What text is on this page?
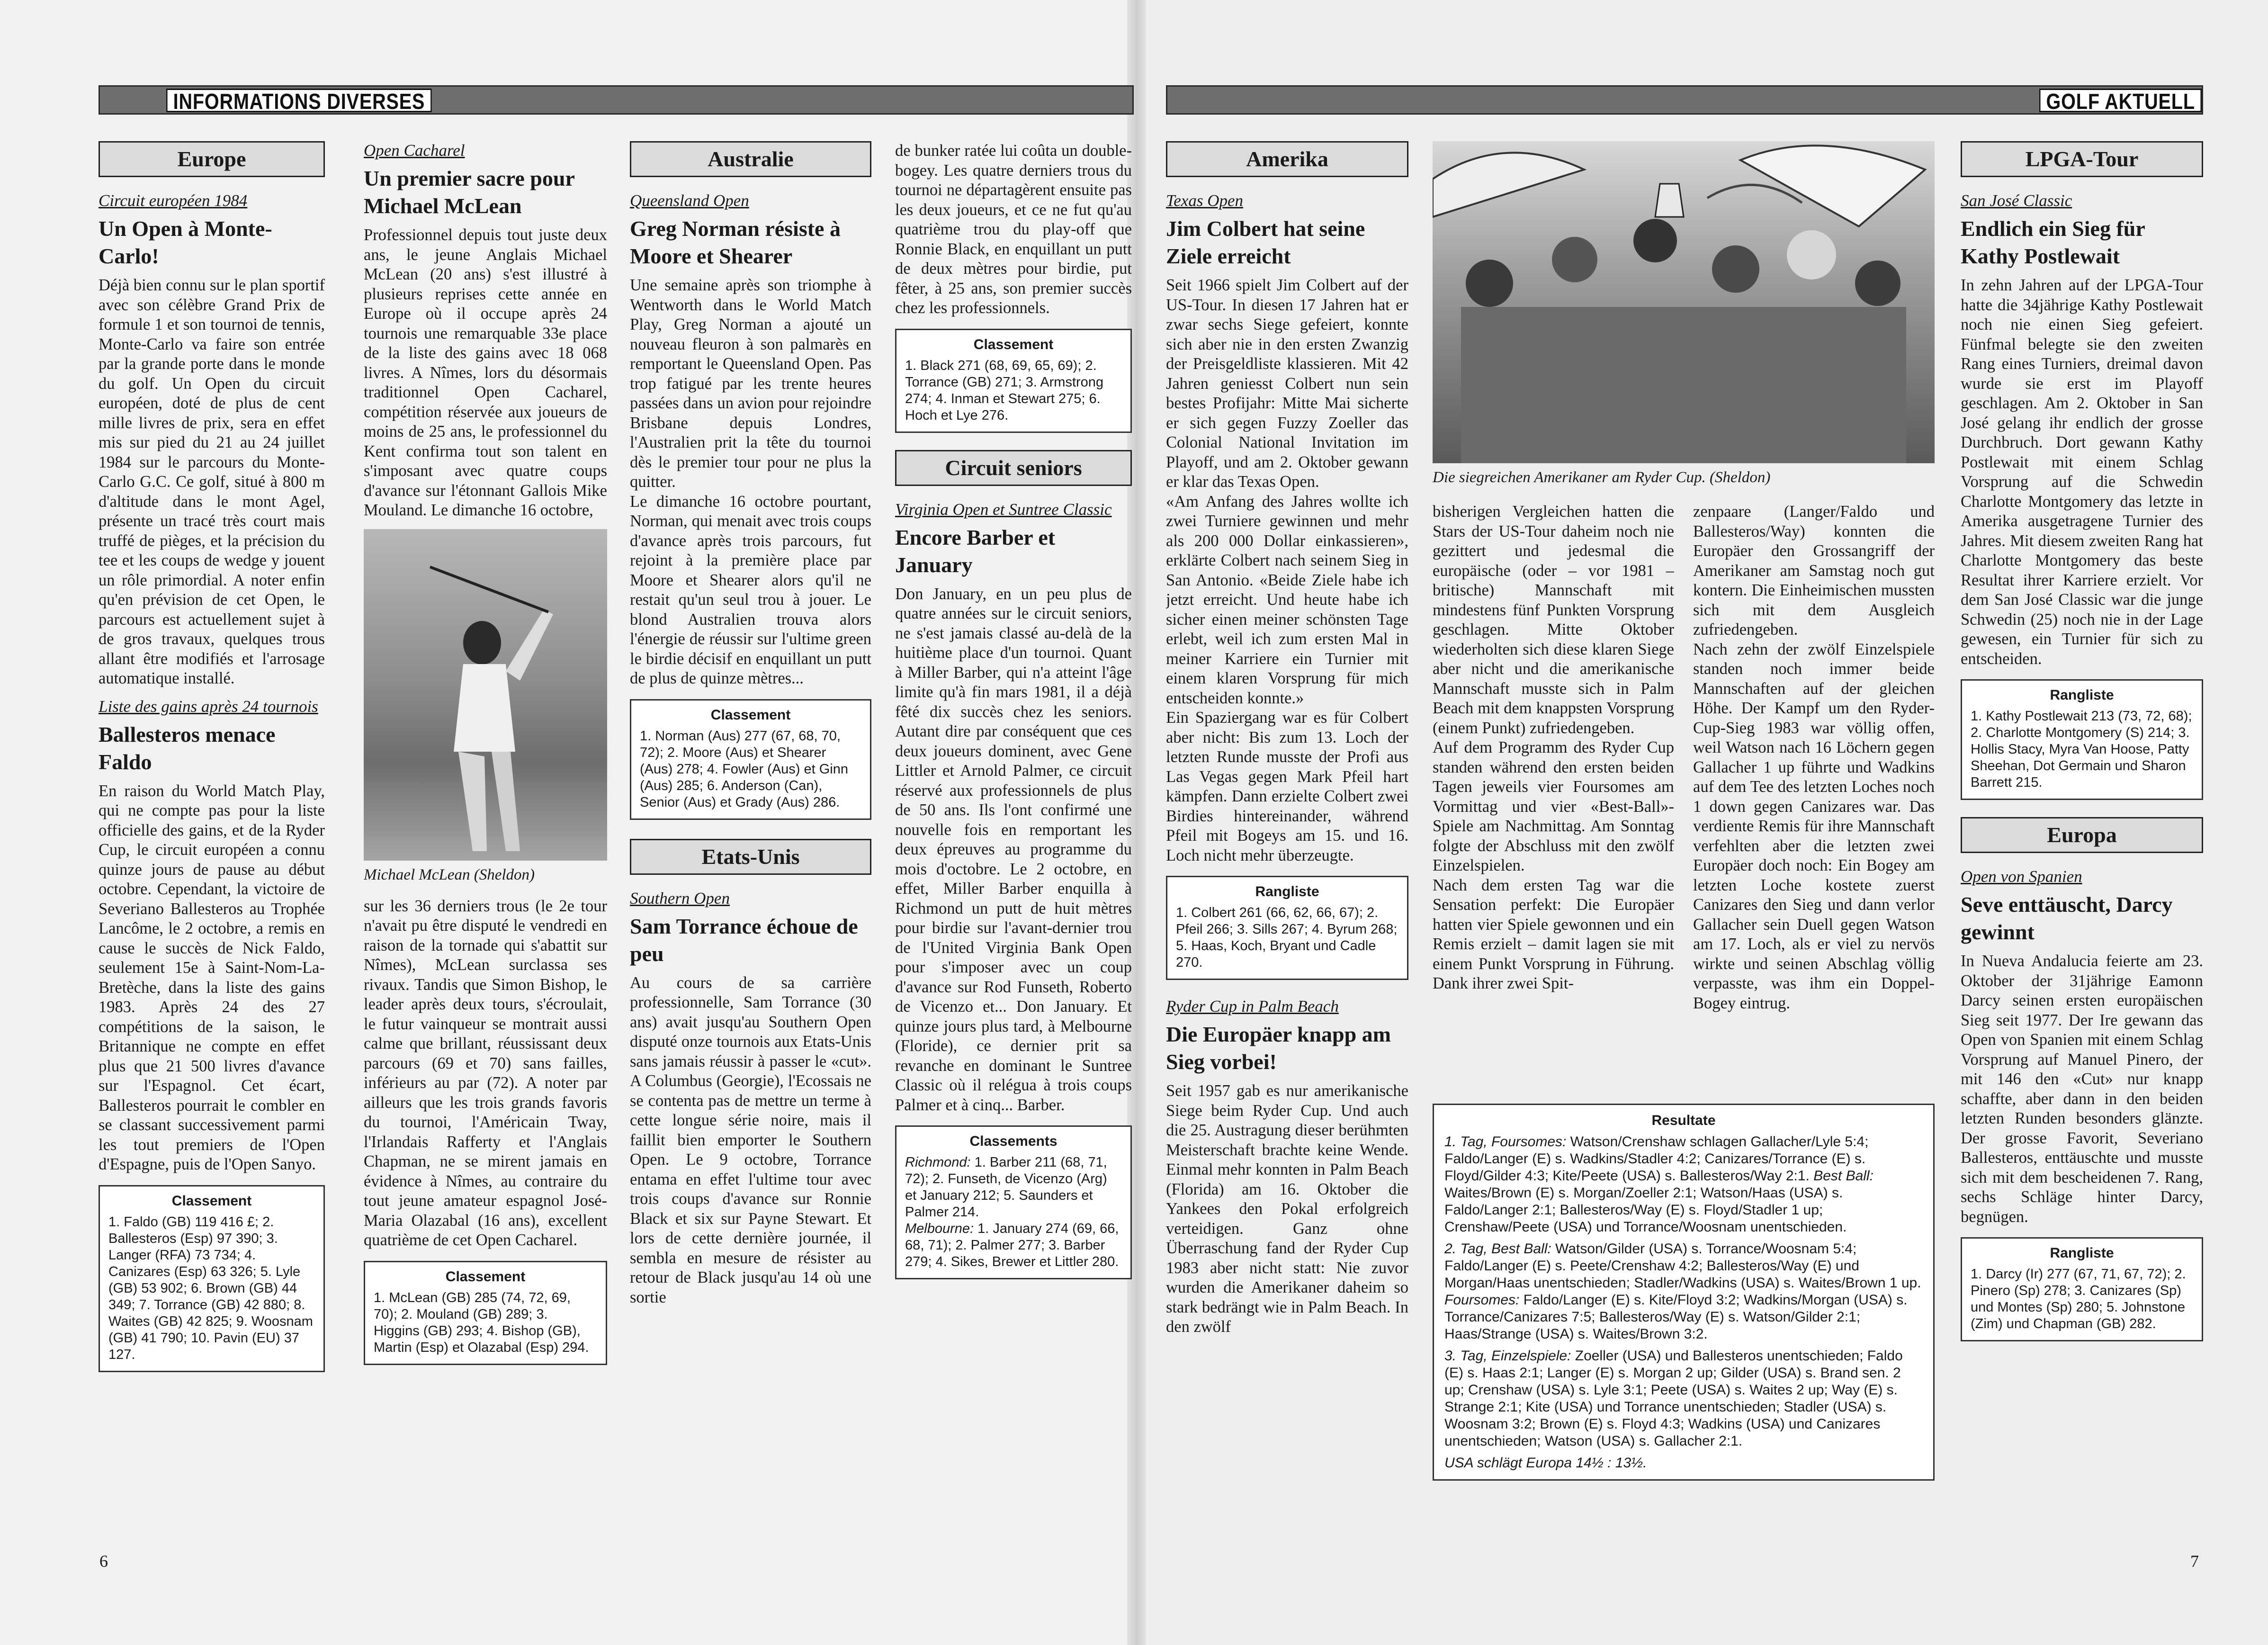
INFORMATIONS DIVERSES	GOLF AKTUELL
Europe
Circuit européen 1984
Un Open à Monte-Carlo!
Déjà bien connu sur le plan sportif avec son célèbre Grand Prix de formule 1 et son tournoi de tennis, Monte-Carlo va faire son entrée par la grande porte dans le monde du golf. Un Open du circuit européen, doté de plus de cent mille livres de prix, sera en effet mis sur pied du 21 au 24 juillet 1984 sur le parcours du Monte-Carlo G.C. Ce golf, situé à 800 m d'altitude dans le mont Agel, présente un tracé très court mais truffé de pièges, et la précision du tee et les coups de wedge y jouent un rôle primordial. A noter enfin qu'en prévision de cet Open, le parcours est actuellement sujet à de gros travaux, quelques trous allant être modifiés et l'arrosage automatique installé.
Liste des gains après 24 tournois
Ballesteros menace Faldo
En raison du World Match Play, qui ne compte pas pour la liste officielle des gains, et de la Ryder Cup, le circuit européen a connu quinze jours de pause au début octobre. Cependant, la victoire de Severiano Ballesteros au Trophée Lancôme, le 2 octobre, a remis en cause le succès de Nick Faldo, seulement 15e à Saint-Nom-La-Bretèche, dans la liste des gains 1983. Après 24 des 27 compétitions de la saison, le Britannique ne compte en effet plus que 21 500 livres d'avance sur l'Espagnol. Cet écart, Ballesteros pourrait le combler en se classant successivement parmi les tout premiers de l'Open d'Espagne, puis de l'Open Sanyo.
Classement
1. Faldo (GB) 119 416 £; 2. Ballesteros (Esp) 97 390; 3. Langer (RFA) 73 734; 4. Canizares (Esp) 63 326; 5. Lyle (GB) 53 902; 6. Brown (GB) 44 349; 7. Torrance (GB) 42 880; 8. Waites (GB) 42 825; 9. Woosnam (GB) 41 790; 10. Pavin (EU) 37 127.
Open Cacharel
Un premier sacre pour Michael McLean
Professionnel depuis tout juste deux ans, le jeune Anglais Michael McLean (20 ans) s'est illustré à plusieurs reprises cette année en Europe où il occupe après 24 tournois une remarquable 33e place de la liste des gains avec 18 068 livres. A Nîmes, lors du désormais traditionnel Open Cacharel, compétition réservée aux joueurs de moins de 25 ans, le professionnel du Kent confirma tout son talent en s'imposant avec quatre coups d'avance sur l'étonnant Gallois Mike Mouland. Le dimanche 16 octobre,
Michael McLean (Sheldon)
sur les 36 derniers trous (le 2e tour n'avait pu être disputé le vendredi en raison de la tornade qui s'abattit sur Nîmes), McLean surclassa ses rivaux. Tandis que Simon Bishop, le leader après deux tours, s'écroulait, le futur vainqueur se montrait aussi calme que brillant, réussissant deux parcours (69 et 70) sans failles, inférieurs au par (72). A noter par ailleurs que les trois grands favoris du tournoi, l'Américain Tway, l'Irlandais Rafferty et l'Anglais Chapman, ne se mirent jamais en évidence à Nîmes, au contraire du tout jeune amateur espagnol José-Maria Olazabal (16 ans), excellent quatrième de cet Open Cacharel.
Classement
1. McLean (GB) 285 (74, 72, 69, 70); 2. Mouland (GB) 289; 3. Higgins (GB) 293; 4. Bishop (GB), Martin (Esp) et Olazabal (Esp) 294.
Australie
Queensland Open
Greg Norman résiste à Moore et Shearer
Une semaine après son triomphe à Wentworth dans le World Match Play, Greg Norman a ajouté un nouveau fleuron à son palmarès en remportant le Queensland Open. Pas trop fatigué par les trente heures passées dans un avion pour rejoindre Brisbane depuis Londres, l'Australien prit la tête du tournoi dès le premier tour pour ne plus la quitter.
Le dimanche 16 octobre pourtant, Norman, qui menait avec trois coups d'avance après trois parcours, fut rejoint à la première place par Moore et Shearer alors qu'il ne restait qu'un seul trou à jouer. Le blond Australien trouva alors l'énergie de réussir sur l'ultime green le birdie décisif en enquillant un putt de plus de quinze mètres...
Classement
1. Norman (Aus) 277 (67, 68, 70, 72); 2. Moore (Aus) et Shearer (Aus) 278; 4. Fowler (Aus) et Ginn (Aus) 285; 6. Anderson (Can), Senior (Aus) et Grady (Aus) 286.
Etats-Unis
Southern Open
Sam Torrance échoue de peu
Au cours de sa carrière professionnelle, Sam Torrance (30 ans) avait jusqu'au Southern Open disputé onze tournois aux Etats-Unis sans jamais réussir à passer le «cut». A Columbus (Georgie), l'Ecossais ne se contenta pas de mettre un terme à cette longue série noire, mais il faillit bien emporter le Southern Open. Le 9 octobre, Torrance entama en effet l'ultime tour avec trois coups d'avance sur Ronnie Black et six sur Payne Stewart. Et lors de cette dernière journée, il sembla en mesure de résister au retour de Black jusqu'au 14 où une sortie
de bunker ratée lui coûta un double-bogey. Les quatre derniers trous du tournoi ne départagèrent ensuite pas les deux joueurs, et ce ne fut qu'au quatrième trou du play-off que Ronnie Black, en enquillant un putt de deux mètres pour birdie, put fêter, à 25 ans, son premier succès chez les professionnels.
Classement
1. Black 271 (68, 69, 65, 69); 2. Torrance (GB) 271; 3. Armstrong 274; 4. Inman et Stewart 275; 6. Hoch et Lye 276.
Circuit seniors
Virginia Open et Suntree Classic
Encore Barber et January
Don January, en un peu plus de quatre années sur le circuit seniors, ne s'est jamais classé au-delà de la huitième place d'un tournoi. Quant à Miller Barber, qui n'a atteint l'âge limite qu'à fin mars 1981, il a déjà fêté dix succès chez les seniors. Autant dire par conséquent que ces deux joueurs dominent, avec Gene Littler et Arnold Palmer, ce circuit réservé aux professionnels de plus de 50 ans. Ils l'ont confirmé une nouvelle fois en remportant les deux épreuves au programme du mois d'octobre. Le 2 octobre, en effet, Miller Barber enquilla à Richmond un putt de huit mètres pour birdie sur l'avant-dernier trou de l'United Virginia Bank Open pour s'imposer avec un coup d'avance sur Rod Funseth, Roberto de Vicenzo et... Don January. Et quinze jours plus tard, à Melbourne (Floride), ce dernier prit sa revanche en dominant le Suntree Classic où il relégua à trois coups Palmer et à cinq... Barber.
Classements
Richmond: 1. Barber 211 (68, 71, 72); 2. Funseth, de Vicenzo (Arg) et January 212; 5. Saunders et Palmer 214.
Melbourne: 1. January 274 (69, 66, 68, 71); 2. Palmer 277; 3. Barber 279; 4. Sikes, Brewer et Littler 280.
6
Amerika
Texas Open
Jim Colbert hat seine Ziele erreicht
Seit 1966 spielt Jim Colbert auf der US-Tour. In diesen 17 Jahren hat er zwar sechs Siege gefeiert, konnte sich aber nie in den ersten Zwanzig der Preisgeldliste klassieren. Mit 42 Jahren geniesst Colbert nun sein bestes Profijahr: Mitte Mai sicherte er sich gegen Fuzzy Zoeller das Colonial National Invitation im Playoff, und am 2. Oktober gewann er klar das Texas Open.
«Am Anfang des Jahres wollte ich zwei Turniere gewinnen und mehr als 200 000 Dollar einkassieren», erklärte Colbert nach seinem Sieg in San Antonio. «Beide Ziele habe ich jetzt erreicht. Und heute habe ich sicher einen meiner schönsten Tage erlebt, weil ich zum ersten Mal in meiner Karriere ein Turnier mit einem klaren Vorsprung für mich entscheiden konnte.»
Ein Spaziergang war es für Colbert aber nicht: Bis zum 13. Loch der letzten Runde musste der Profi aus Las Vegas gegen Mark Pfeil hart kämpfen. Dann erzielte Colbert zwei Birdies hintereinander, während Pfeil mit Bogeys am 15. und 16. Loch nicht mehr überzeugte.
Rangliste
1. Colbert 261 (66, 62, 66, 67); 2. Pfeil 266; 3. Sills 267; 4. Byrum 268; 5. Haas, Koch, Bryant und Cadle 270.
Ryder Cup in Palm Beach
Die Europäer knapp am Sieg vorbei!
Seit 1957 gab es nur amerikanische Siege beim Ryder Cup. Und auch die 25. Austragung dieser berühmten Meisterschaft brachte keine Wende. Einmal mehr konnten in Palm Beach (Florida) am 16. Oktober die Yankees den Pokal erfolgreich verteidigen. Ganz ohne Überraschung fand der Ryder Cup 1983 aber nicht statt: Nie zuvor wurden die Amerikaner daheim so stark bedrängt wie in Palm Beach. In den zwölf
Die siegreichen Amerikaner am Ryder Cup. (Sheldon)
bisherigen Vergleichen hatten die Stars der US-Tour daheim noch nie gezittert und jedesmal die europäische (oder – vor 1981 – britische) Mannschaft mit mindestens fünf Punkten Vorsprung geschlagen. Mitte Oktober wiederholten sich diese klaren Siege aber nicht und die amerikanische Mannschaft musste sich in Palm Beach mit dem knappsten Vorsprung (einem Punkt) zufriedengeben.
Auf dem Programm des Ryder Cup standen während den ersten beiden Tagen jeweils vier Foursomes am Vormittag und vier «Best-Ball»-Spiele am Nachmittag. Am Sonntag folgte der Abschluss mit den zwölf Einzelspielen.
Nach dem ersten Tag war die Sensation perfekt: Die Europäer hatten vier Spiele gewonnen und ein Remis erzielt – damit lagen sie mit einem Punkt Vorsprung in Führung. Dank ihrer zwei Spit-
zenpaare (Langer/Faldo und Ballesteros/Way) konnten die Europäer den Grossangriff der Amerikaner am Samstag noch gut kontern. Die Einheimischen mussten sich mit dem Ausgleich zufriedengeben.
Nach zehn der zwölf Einzelspiele standen noch immer beide Mannschaften auf der gleichen Höhe. Der Kampf um den Ryder-Cup-Sieg 1983 war völlig offen, weil Watson nach 16 Löchern gegen Gallacher 1 up führte und Wadkins auf dem Tee des letzten Loches noch 1 down gegen Canizares war. Das verdiente Remis für ihre Mannschaft verfehlten aber die letzten zwei Europäer doch noch: Ein Bogey am letzten Loche kostete zuerst Canizares den Sieg und dann verlor Gallacher sein Duell gegen Watson am 17. Loch, als er viel zu nervös wirkte und seinen Abschlag völlig verpasste, was ihm ein Doppel-Bogey eintrug.
Resultate
1. Tag, Foursomes: Watson/Crenshaw schlagen Gallacher/Lyle 5:4; Faldo/Langer (E) s. Wadkins/Stadler 4:2; Canizares/Torrance (E) s. Floyd/Gilder 4:3; Kite/Peete (USA) s. Ballesteros/Way 2:1. Best Ball: Waites/Brown (E) s. Morgan/Zoeller 2:1; Watson/Haas (USA) s. Faldo/Langer 2:1; Ballesteros/Way (E) s. Floyd/Stadler 1 up; Crenshaw/Peete (USA) und Torrance/Woosnam unentschieden.
2. Tag, Best Ball: Watson/Gilder (USA) s. Torrance/Woosnam 5:4; Faldo/Langer (E) s. Peete/Crenshaw 4:2; Ballesteros/Way (E) und Morgan/Haas unentschieden; Stadler/Wadkins (USA) s. Waites/Brown 1 up. Foursomes: Faldo/Langer (E) s. Kite/Floyd 3:2; Wadkins/Morgan (USA) s. Torrance/Canizares 7:5; Ballesteros/Way (E) s. Watson/Gilder 2:1; Haas/Strange (USA) s. Waites/Brown 3:2.
3. Tag, Einzelspiele: Zoeller (USA) und Ballesteros unentschieden; Faldo (E) s. Haas 2:1; Langer (E) s. Morgan 2 up; Gilder (USA) s. Brand sen. 2 up; Crenshaw (USA) s. Lyle 3:1; Peete (USA) s. Waites 2 up; Way (E) s. Strange 2:1; Kite (USA) und Torrance unentschieden; Stadler (USA) s. Woosnam 3:2; Brown (E) s. Floyd 4:3; Wadkins (USA) und Canizares unentschieden; Watson (USA) s. Gallacher 2:1.
USA schlägt Europa 14½ : 13½.
LPGA-Tour
San José Classic
Endlich ein Sieg für Kathy Postlewait
In zehn Jahren auf der LPGA-Tour hatte die 34jährige Kathy Postlewait noch nie einen Sieg gefeiert. Fünfmal belegte sie den zweiten Rang eines Turniers, dreimal davon wurde sie erst im Playoff geschlagen. Am 2. Oktober in San José gelang ihr endlich der grosse Durchbruch. Dort gewann Kathy Postlewait mit einem Schlag Vorsprung auf die Schwedin Charlotte Montgomery das letzte in Amerika ausgetragene Turnier des Jahres. Mit diesem zweiten Rang hat Charlotte Montgomery das beste Resultat ihrer Karriere erzielt. Vor dem San José Classic war die junge Schwedin (25) noch nie in der Lage gewesen, ein Turnier für sich zu entscheiden.
Rangliste
1. Kathy Postlewait 213 (73, 72, 68); 2. Charlotte Montgomery (S) 214; 3. Hollis Stacy, Myra Van Hoose, Patty Sheehan, Dot Germain und Sharon Barrett 215.
Europa
Open von Spanien
Seve enttäuscht, Darcy gewinnt
In Nueva Andalucia feierte am 23. Oktober der 31jährige Eamonn Darcy seinen ersten europäischen Sieg seit 1977. Der Ire gewann das Open von Spanien mit einem Schlag Vorsprung auf Manuel Pinero, der mit 146 den «Cut» nur knapp schaffte, aber dann in den beiden letzten Runden besonders glänzte. Der grosse Favorit, Severiano Ballesteros, enttäuschte und musste sich mit dem bescheidenen 7. Rang, sechs Schläge hinter Darcy, begnügen.
Rangliste
1. Darcy (Ir) 277 (67, 71, 67, 72); 2. Pinero (Sp) 278; 3. Canizares (Sp) und Montes (Sp) 280; 5. Johnstone (Zim) und Chapman (GB) 282.
7
